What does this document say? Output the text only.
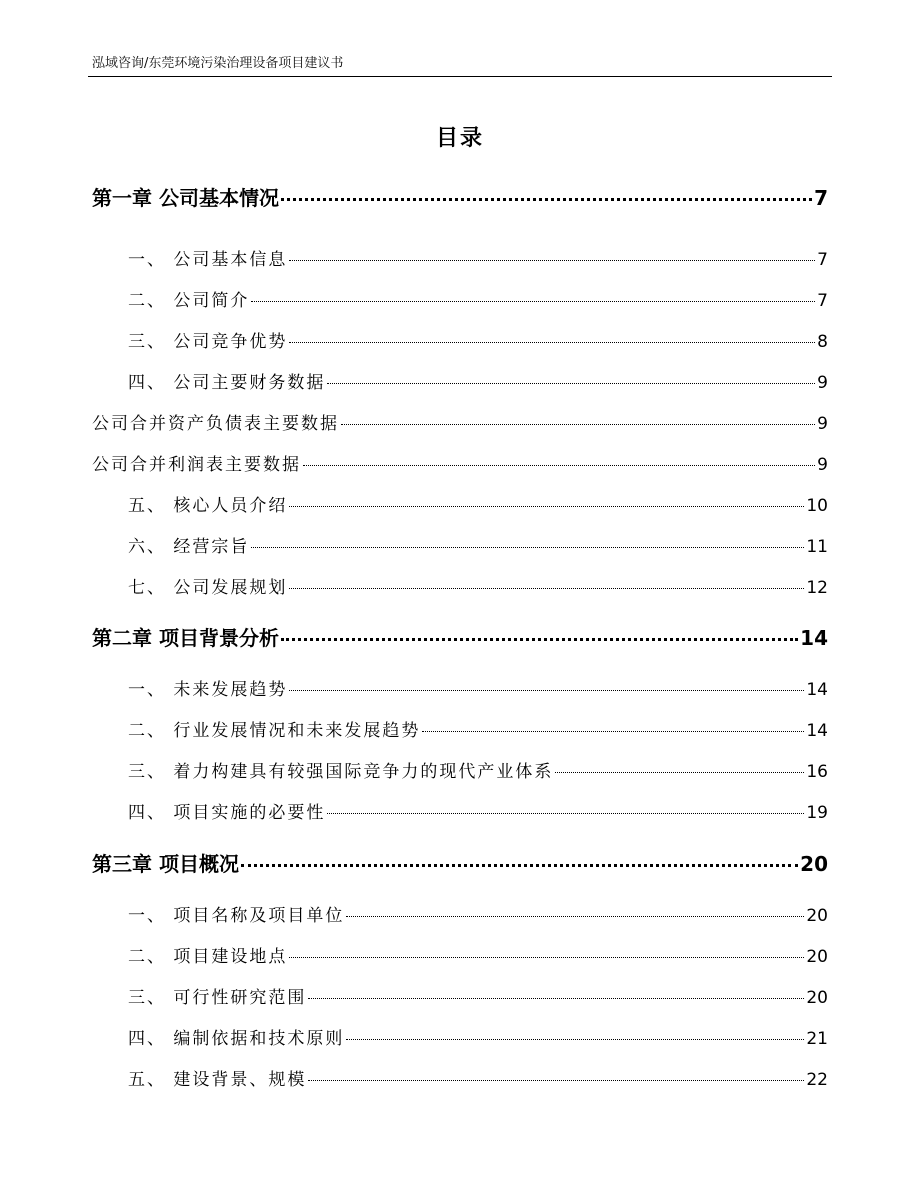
泓域咨询/东莞环境污染治理设备项目建议书
目录
第一章 公司基本情况	7
一、 公司基本信息	7
二、 公司简介	7
三、 公司竞争优势	8
四、 公司主要财务数据	9
公司合并资产负债表主要数据	9
公司合并利润表主要数据	9
五、 核心人员介绍	10
六、 经营宗旨	11
七、 公司发展规划	12
第二章 项目背景分析	14
一、 未来发展趋势	14
二、 行业发展情况和未来发展趋势	14
三、 着力构建具有较强国际竞争力的现代产业体系	16
四、 项目实施的必要性	19
第三章 项目概况	20
一、 项目名称及项目单位	20
二、 项目建设地点	20
三、 可行性研究范围	20
四、 编制依据和技术原则	21
五、 建设背景、规模	22
